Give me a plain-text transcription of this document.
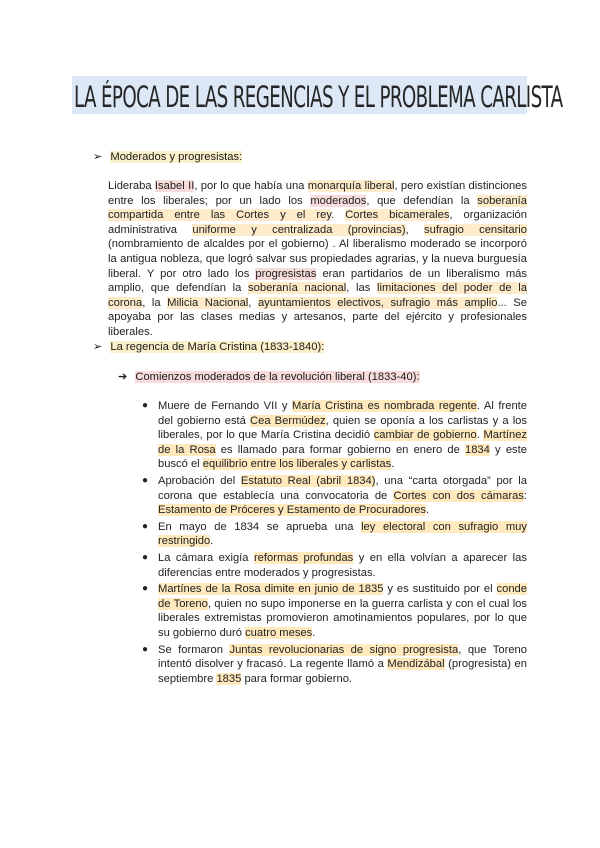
LA ÉPOCA DE LAS REGENCIAS Y EL PROBLEMA CARLISTA
➢ Moderados y progresistas:
Lideraba Isabel II, por lo que había una monarquía liberal, pero existían distinciones entre los liberales; por un lado los moderados, que defendían la soberanía compartida entre las Cortes y el rey. Cortes bicamerales, organización administrativa uniforme y centralizada (provincias), sufragio censitario (nombramiento de alcaldes por el gobierno) . Al liberalismo moderado se incorporó la antigua nobleza, que logró salvar sus propiedades agrarias, y la nueva burguesía liberal. Y por otro lado los progresistas eran partidarios de un liberalismo más amplio, que defendían la soberanía nacional, las limitaciones del poder de la corona, la Milicia Nacional, ayuntamientos electivos, sufragio más amplio... Se apoyaba por las clases medias y artesanos, parte del ejército y profesionales liberales.
➢ La regencia de María Cristina (1833-1840):
➔ Comienzos moderados de la revolución liberal (1833-40):
● Muere de Fernando VII y María Cristina es nombrada regente. Al frente del gobierno está Cea Bermúdez, quien se oponía a los carlistas y a los liberales, por lo que María Cristina decidió cambiar de gobierno. Martínez de la Rosa es llamado para formar gobierno en enero de 1834 y este buscó el equilibrio entre los liberales y carlistas.
● Aprobación del Estatuto Real (abril 1834), una “carta otorgada” por la corona que establecía una convocatoria de Cortes con dos cámaras: Estamento de Próceres y Estamento de Procuradores.
● En mayo de 1834 se aprueba una ley electoral con sufragio muy restringido.
● La cámara exigía reformas profundas y en ella volvían a aparecer las diferencias entre moderados y progresistas.
● Martínes de la Rosa dimite en junio de 1835 y es sustituido por el conde de Toreno, quien no supo imponerse en la guerra carlista y con el cual los liberales extremistas promovieron amotinamientos populares, por lo que su gobierno duró cuatro meses.
● Se formaron Juntas revolucionarias de signo progresista, que Toreno intentó disolver y fracasó. La regente llamó a Mendizábal (progresista) en septiembre 1835 para formar gobierno.
